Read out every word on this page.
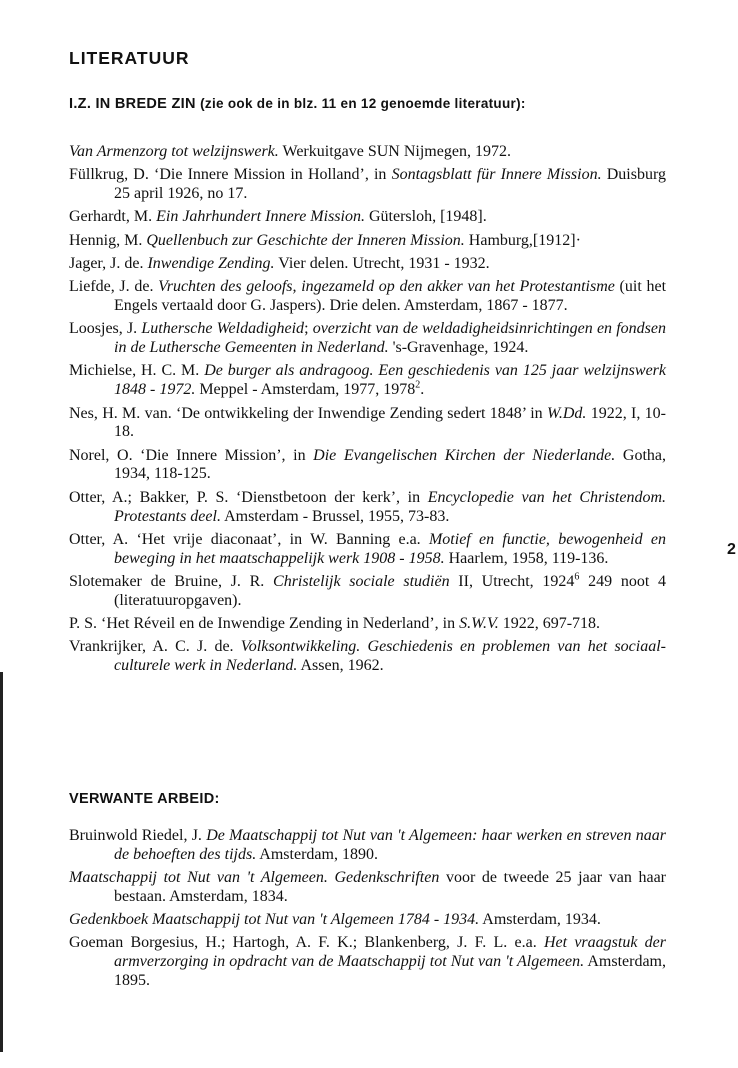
LITERATUUR
I.Z. IN BREDE ZIN (zie ook de in blz. 11 en 12 genoemde literatuur):

Van Armenzorg tot welzijnswerk. Werkuitgave SUN Nijmegen, 1972.

Füllkrug, D. ‘Die Innere Mission in Holland’, in Sontagsblatt für Innere Mission. Duisburg 25 april 1926, no 17.

Gerhardt, M. Ein Jahrhundert Innere Mission. Gütersloh, [1948].

Hennig, M. Quellenbuch zur Geschichte der Inneren Mission. Hamburg,[1912]·

Jager, J. de. Inwendige Zending. Vier delen. Utrecht, 1931 - 1932.

Liefde, J. de. Vruchten des geloofs, ingezameld op den akker van het Protestantisme (uit het Engels vertaald door G. Jaspers). Drie delen. Amsterdam, 1867 - 1877.

Loosjes, J. Luthersche Weldadigheid; overzicht van de weldadigheidsinrichtingen en fondsen in de Luthersche Gemeenten in Nederland. 's-Gravenhage, 1924.

Michielse, H. C. M. De burger als andragoog. Een geschiedenis van 125 jaar welzijnswerk 1848 - 1972. Meppel - Amsterdam, 1977, 1978$^2$.

Nes, H. M. van. ‘De ontwikkeling der Inwendige Zending sedert 1848’ in W.Dd. 1922, I, 10-18.

Norel, O. ‘Die Innere Mission’, in Die Evangelischen Kirchen der Niederlande. Gotha, 1934, 118-125.

Otter, A.; Bakker, P. S. ‘Dienstbetoon der kerk’, in Encyclopedie van het Christendom. Protestants deel. Amsterdam - Brussel, 1955, 73-83.

Otter, A. ‘Het vrije diaconaat’, in W. Banning e.a. Motief en functie, bewogenheid en beweging in het maatschappelijk werk 1908 - 1958. Haarlem, 1958, 119-136.

Slotemaker de Bruine, J. R. Christelijk sociale studiën II, Utrecht, 1924$^6$ 249 noot 4 (literatuuropgaven).

P. S. ‘Het Réveil en de Inwendige Zending in Nederland’, in S.W.V. 1922, 697-718.

Vrankrijker, A. C. J. de. Volksontwikkeling. Geschiedenis en problemen van het sociaal-culturele werk in Nederland. Assen, 1962.

VERWANTE ARBEID:

Bruinwold Riedel, J. De Maatschappij tot Nut van 't Algemeen: haar werken en streven naar de behoeften des tijds. Amsterdam, 1890.

Maatschappij tot Nut van 't Algemeen. Gedenkschriften voor de tweede 25 jaar van haar bestaan. Amsterdam, 1834.

Gedenkboek Maatschappij tot Nut van 't Algemeen 1784 - 1934. Amsterdam, 1934.

Goeman Borgesius, H.; Hartogh, A. F. K.; Blankenberg, J. F. L. e.a. Het vraagstuk der armverzorging in opdracht van de Maatschappij tot Nut van 't Algemeen. Amsterdam, 1895.

2
